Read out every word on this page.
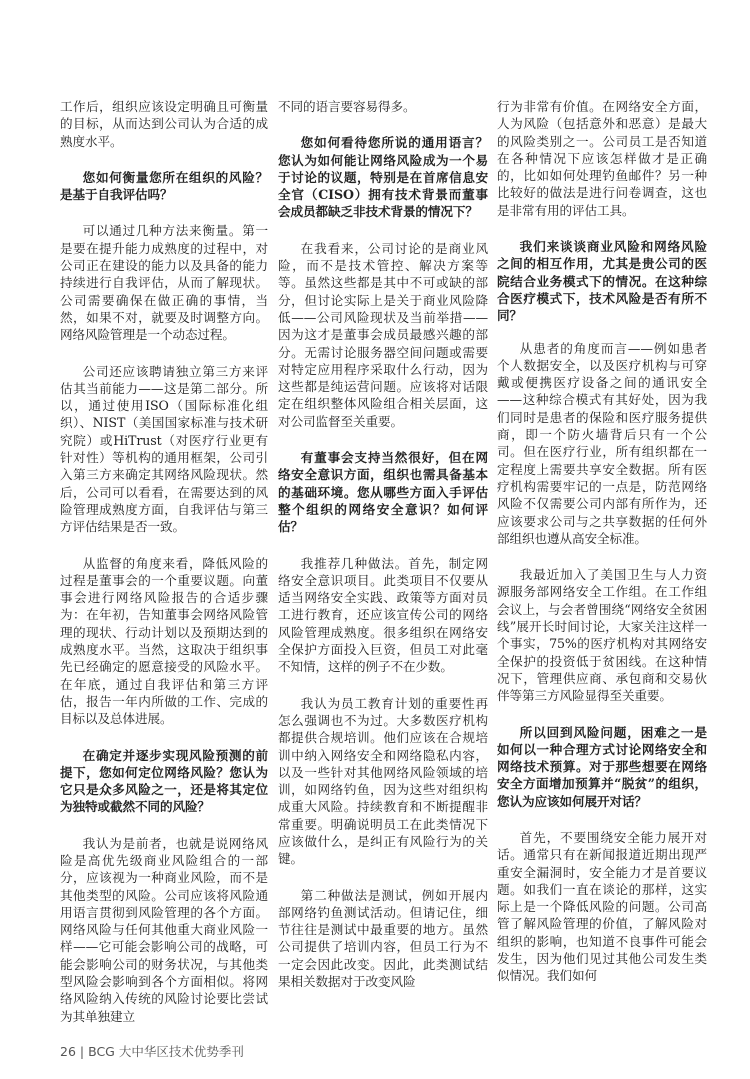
工作后，组织应该设定明确且可衡量的目标，从而达到公司认为合适的成熟度水平。

您如何衡量您所在组织的风险？是基于自我评估吗？

可以通过几种方法来衡量。第一是要在提升能力成熟度的过程中，对公司正在建设的能力以及具备的能力持续进行自我评估，从而了解现状。公司需要确保在做正确的事情，当然，如果不对，就要及时调整方向。网络风险管理是一个动态过程。

公司还应该聘请独立第三方来评估其当前能力——这是第二部分。所以，通过使用ISO（国际标准化组织）、NIST（美国国家标准与技术研究院）或HiTrust（对医疗行业更有针对性）等机构的通用框架，公司引入第三方来确定其网络风险现状。然后，公司可以看看，在需要达到的风险管理成熟度方面，自我评估与第三方评估结果是否一致。

从监督的角度来看，降低风险的过程是董事会的一个重要议题。向董事会进行网络风险报告的合适步骤为：在年初，告知董事会网络风险管理的现状、行动计划以及预期达到的成熟度水平。当然，这取决于组织事先已经确定的愿意接受的风险水平。在年底，通过自我评估和第三方评估，报告一年内所做的工作、完成的目标以及总体进展。

在确定并逐步实现风险预测的前提下，您如何定位网络风险？您认为它只是众多风险之一，还是将其定位为独特或截然不同的风险？

我认为是前者，也就是说网络风险是高优先级商业风险组合的一部分，应该视为一种商业风险，而不是其他类型的风险。公司应该将风险通用语言贯彻到风险管理的各个方面。网络风险与任何其他重大商业风险一样——它可能会影响公司的战略，可能会影响公司的财务状况，与其他类型风险会影响到各个方面相似。将网络风险纳入传统的风险讨论要比尝试为其单独建立

不同的语言要容易得多。

您如何看待您所说的通用语言？您认为如何能让网络风险成为一个易于讨论的议题，特别是在首席信息安全官（CISO）拥有技术背景而董事会成员都缺乏非技术背景的情况下？

在我看来，公司讨论的是商业风险，而不是技术管控、解决方案等等。虽然这些都是其中不可或缺的部分，但讨论实际上是关于商业风险降低——公司风险现状及当前举措——因为这才是董事会成员最感兴趣的部分。无需讨论服务器空间问题或需要对特定应用程序采取什么行动，因为这些都是纯运营问题。应该将对话限定在组织整体风险组合相关层面，这对公司监督至关重要。

有董事会支持当然很好，但在网络安全意识方面，组织也需具备基本的基础环境。您从哪些方面入手评估整个组织的网络安全意识？如何评估？

我推荐几种做法。首先，制定网络安全意识项目。此类项目不仅要从适当网络安全实践、政策等方面对员工进行教育，还应该宣传公司的网络风险管理成熟度。很多组织在网络安全保护方面投入巨资，但员工对此毫不知情，这样的例子不在少数。

我认为员工教育计划的重要性再怎么强调也不为过。大多数医疗机构都提供合规培训。他们应该在合规培训中纳入网络安全和网络隐私内容，以及一些针对其他网络风险领域的培训，如网络钓鱼，因为这些对组织构成重大风险。持续教育和不断提醒非常重要。明确说明员工在此类情况下应该做什么，是纠正有风险行为的关键。

第二种做法是测试，例如开展内部网络钓鱼测试活动。但请记住，细节往往是测试中最重要的地方。虽然公司提供了培训内容，但员工行为不一定会因此改变。因此，此类测试结果相关数据对于改变风险

行为非常有价值。在网络安全方面，人为风险（包括意外和恶意）是最大的风险类别之一。公司员工是否知道在各种情况下应该怎样做才是正确的，比如如何处理钓鱼邮件？另一种比较好的做法是进行问卷调查，这也是非常有用的评估工具。

我们来谈谈商业风险和网络风险之间的相互作用，尤其是贵公司的医院结合业务模式下的情况。在这种综合医疗模式下，技术风险是否有所不同？

从患者的角度而言——例如患者个人数据安全，以及医疗机构与可穿戴或便携医疗设备之间的通讯安全——这种综合模式有其好处，因为我们同时是患者的保险和医疗服务提供商，即一个防火墙背后只有一个公司。但在医疗行业，所有组织都在一定程度上需要共享安全数据。所有医疗机构需要牢记的一点是，防范网络风险不仅需要公司内部有所作为，还应该要求公司与之共享数据的任何外部组织也遵从高安全标准。

我最近加入了美国卫生与人力资源服务部网络安全工作组。在工作组会议上，与会者曾围绕“网络安全贫困线”展开长时间讨论，大家关注这样一个事实，75%的医疗机构对其网络安全保护的投资低于贫困线。在这种情况下，管理供应商、承包商和交易伙伴等第三方风险显得至关重要。

所以回到风险问题，困难之一是如何以一种合理方式讨论网络安全和网络技术预算。对于那些想要在网络安全方面增加预算并“脱贫”的组织，您认为应该如何展开对话？

首先，不要围绕安全能力展开对话。通常只有在新闻报道近期出现严重安全漏洞时，安全能力才是首要议题。如我们一直在谈论的那样，这实际上是一个降低风险的问题。公司高管了解风险管理的价值，了解风险对组织的影响，也知道不良事件可能会发生，因为他们见过其他公司发生类似情况。我们如何

26 | BCG 大中华区技术优势季刊
